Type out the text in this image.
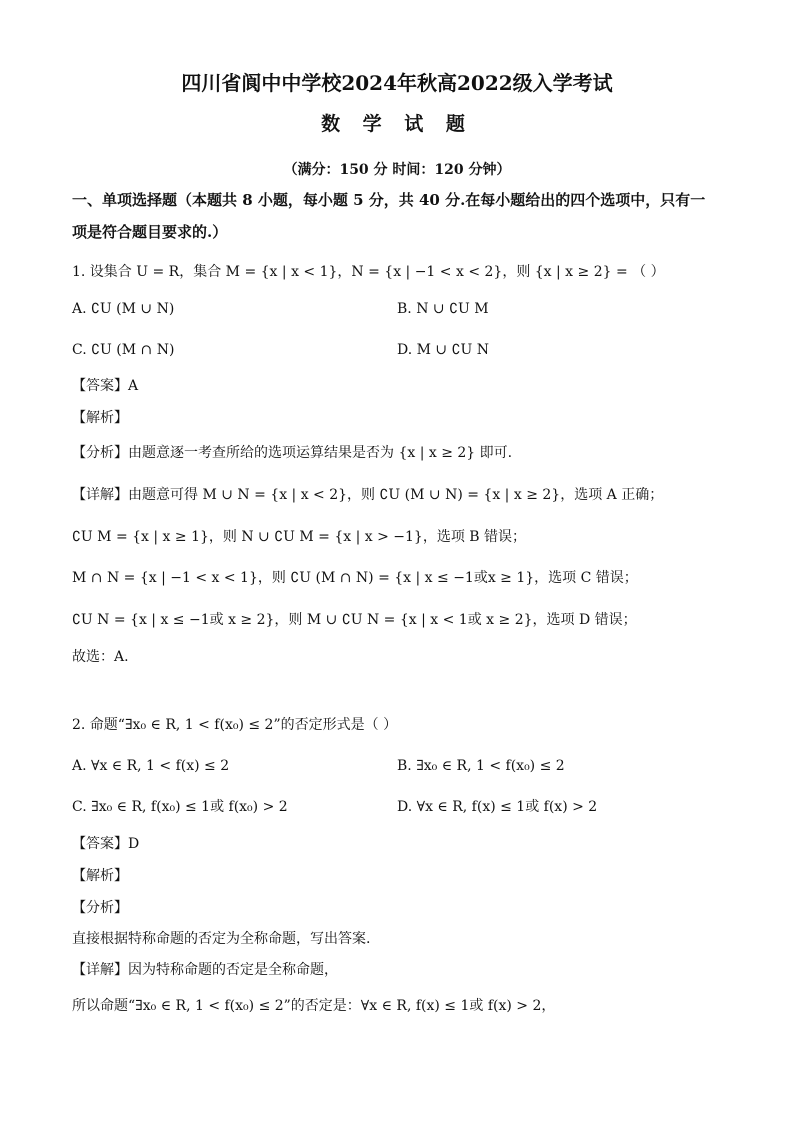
四川省阆中中学校2024年秋高2022级入学考试
数 学 试 题
（满分：150 分 时间：120 分钟）
一、单项选择题（本题共 8 小题，每小题 5 分，共 40 分.在每小题给出的四个选项中，只有一
项是符合题目要求的.）
1. 设集合 U = R，集合 M = {x | x < 1}，N = {x | −1 < x < 2}，则 {x | x ≥ 2} = （ ）
A. ∁U (M ∪ N)	B. N ∪ ∁U M
C. ∁U (M ∩ N)	D. M ∪ ∁U N
【答案】A
【解析】
【分析】由题意逐一考查所给的选项运算结果是否为 {x | x ≥ 2} 即可.
【详解】由题意可得 M ∪ N = {x | x < 2}，则 ∁U (M ∪ N) = {x | x ≥ 2}，选项 A 正确；
∁U M = {x | x ≥ 1}，则 N ∪ ∁U M = {x | x > −1}，选项 B 错误；
M ∩ N = {x | −1 < x < 1}，则 ∁U (M ∩ N) = {x | x ≤ −1或x ≥ 1}，选项 C 错误；
∁U N = {x | x ≤ −1或 x ≥ 2}，则 M ∪ ∁U N = {x | x < 1或 x ≥ 2}，选项 D 错误；
故选：A.
2. 命题“∃x₀ ∈ R, 1 < f(x₀) ≤ 2”的否定形式是（ ）
A. ∀x ∈ R, 1 < f(x) ≤ 2	B. ∃x₀ ∈ R, 1 < f(x₀) ≤ 2
C. ∃x₀ ∈ R, f(x₀) ≤ 1或 f(x₀) > 2	D. ∀x ∈ R, f(x) ≤ 1或 f(x) > 2
【答案】D
【解析】
【分析】
直接根据特称命题的否定为全称命题，写出答案.
【详解】因为特称命题的否定是全称命题，
所以命题“∃x₀ ∈ R, 1 < f(x₀) ≤ 2”的否定是：∀x ∈ R, f(x) ≤ 1或 f(x) > 2，
